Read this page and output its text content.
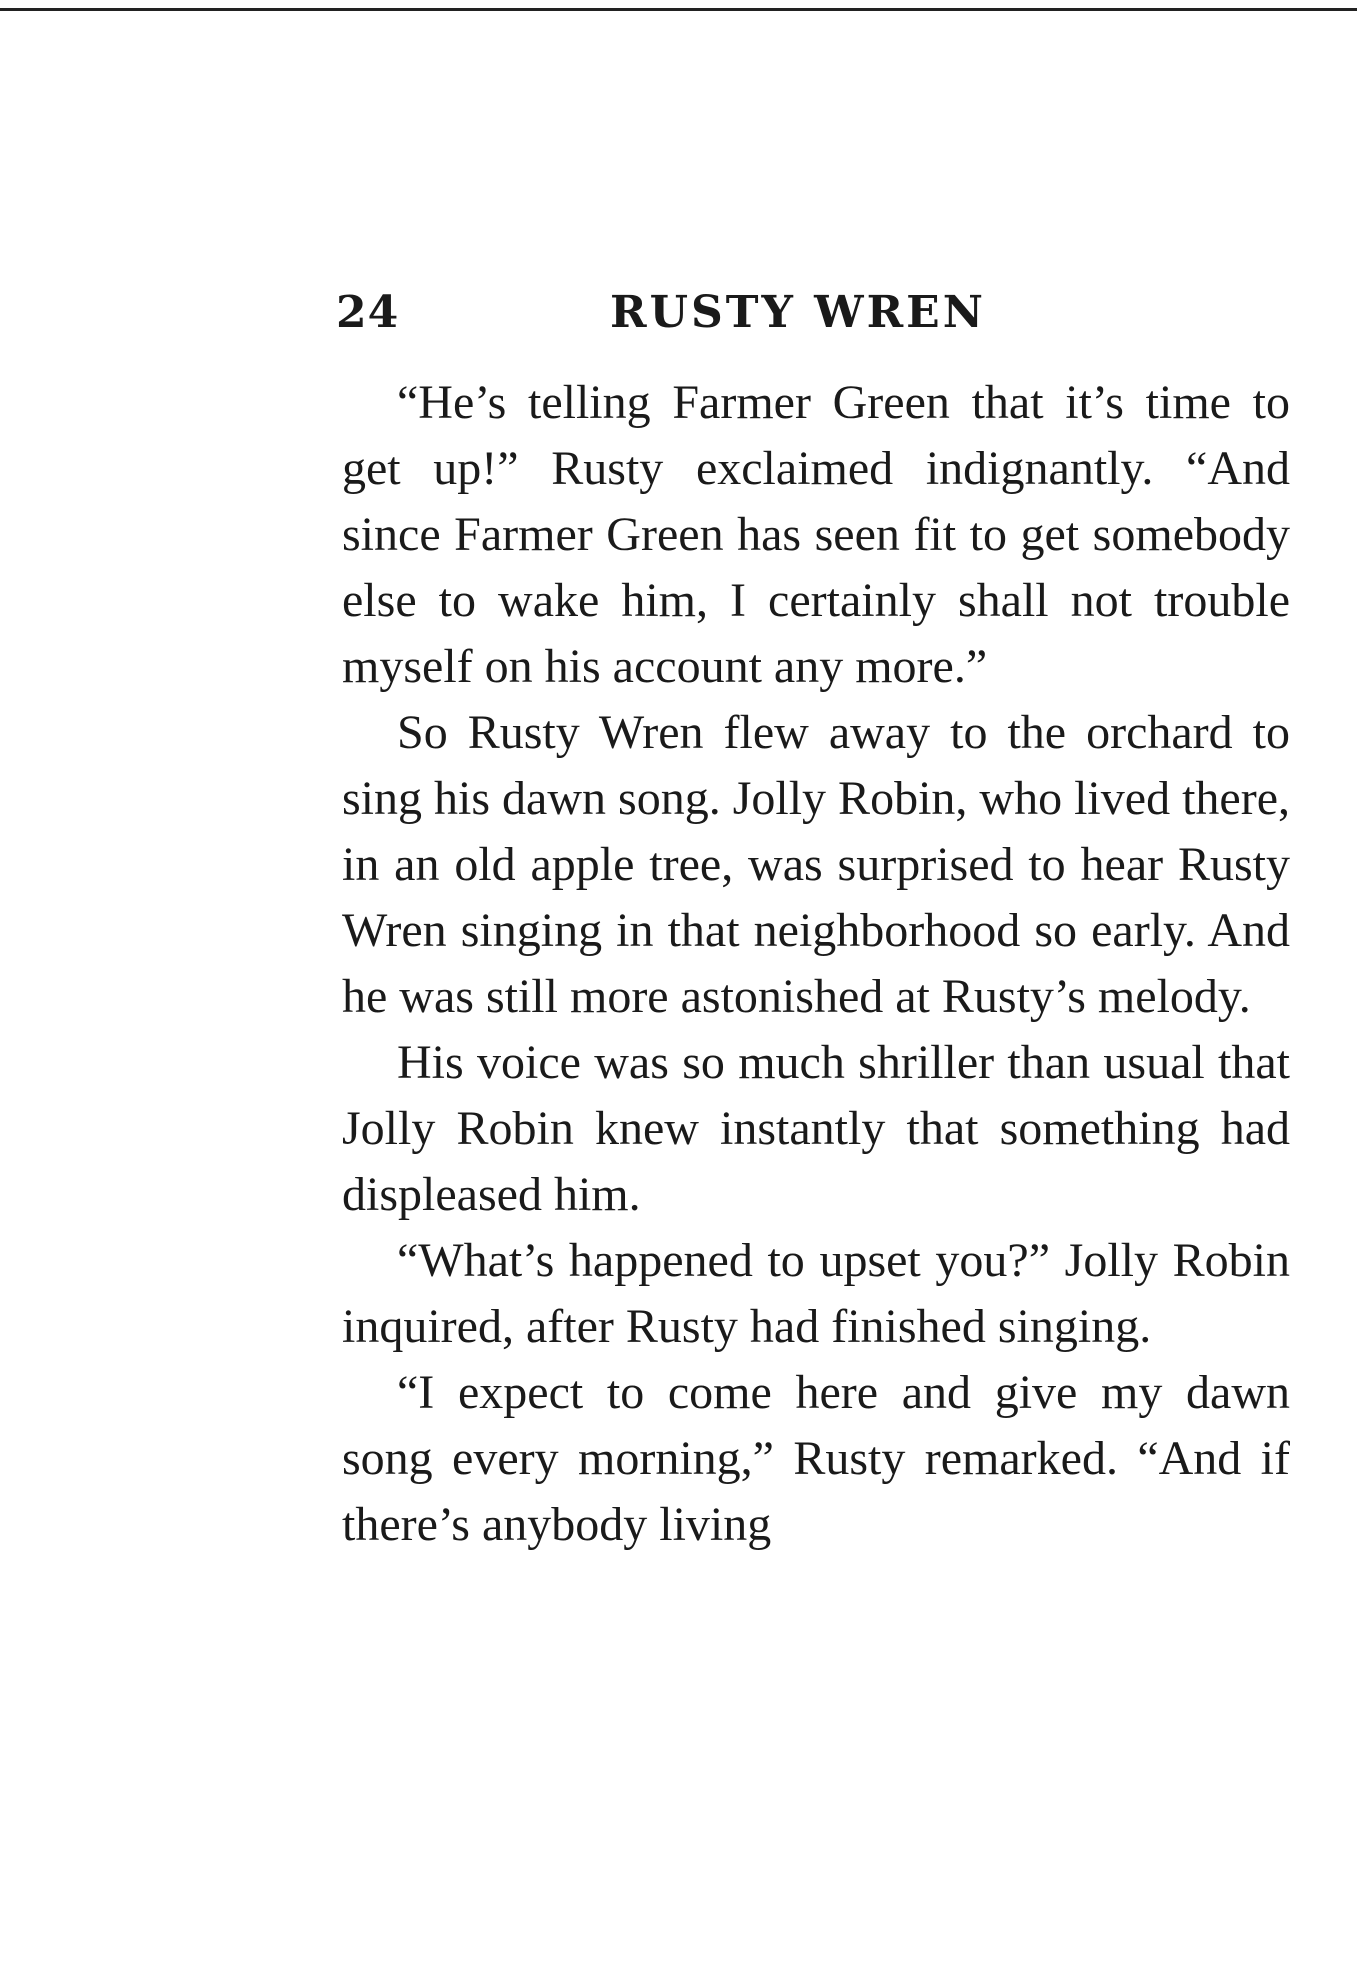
24	RUSTY WREN

“He’s telling Farmer Green that it’s time to get up!” Rusty exclaimed indignantly. “And since Farmer Green has seen fit to get somebody else to wake him, I certainly shall not trouble myself on his account any more.”

So Rusty Wren flew away to the orchard to sing his dawn song. Jolly Robin, who lived there, in an old apple tree, was surprised to hear Rusty Wren singing in that neighborhood so early. And he was still more astonished at Rusty’s melody.

His voice was so much shriller than usual that Jolly Robin knew instantly that something had displeased him.

“What’s happened to upset you?” Jolly Robin inquired, after Rusty had finished singing.

“I expect to come here and give my dawn song every morning,” Rusty remarked. “And if there’s anybody living
